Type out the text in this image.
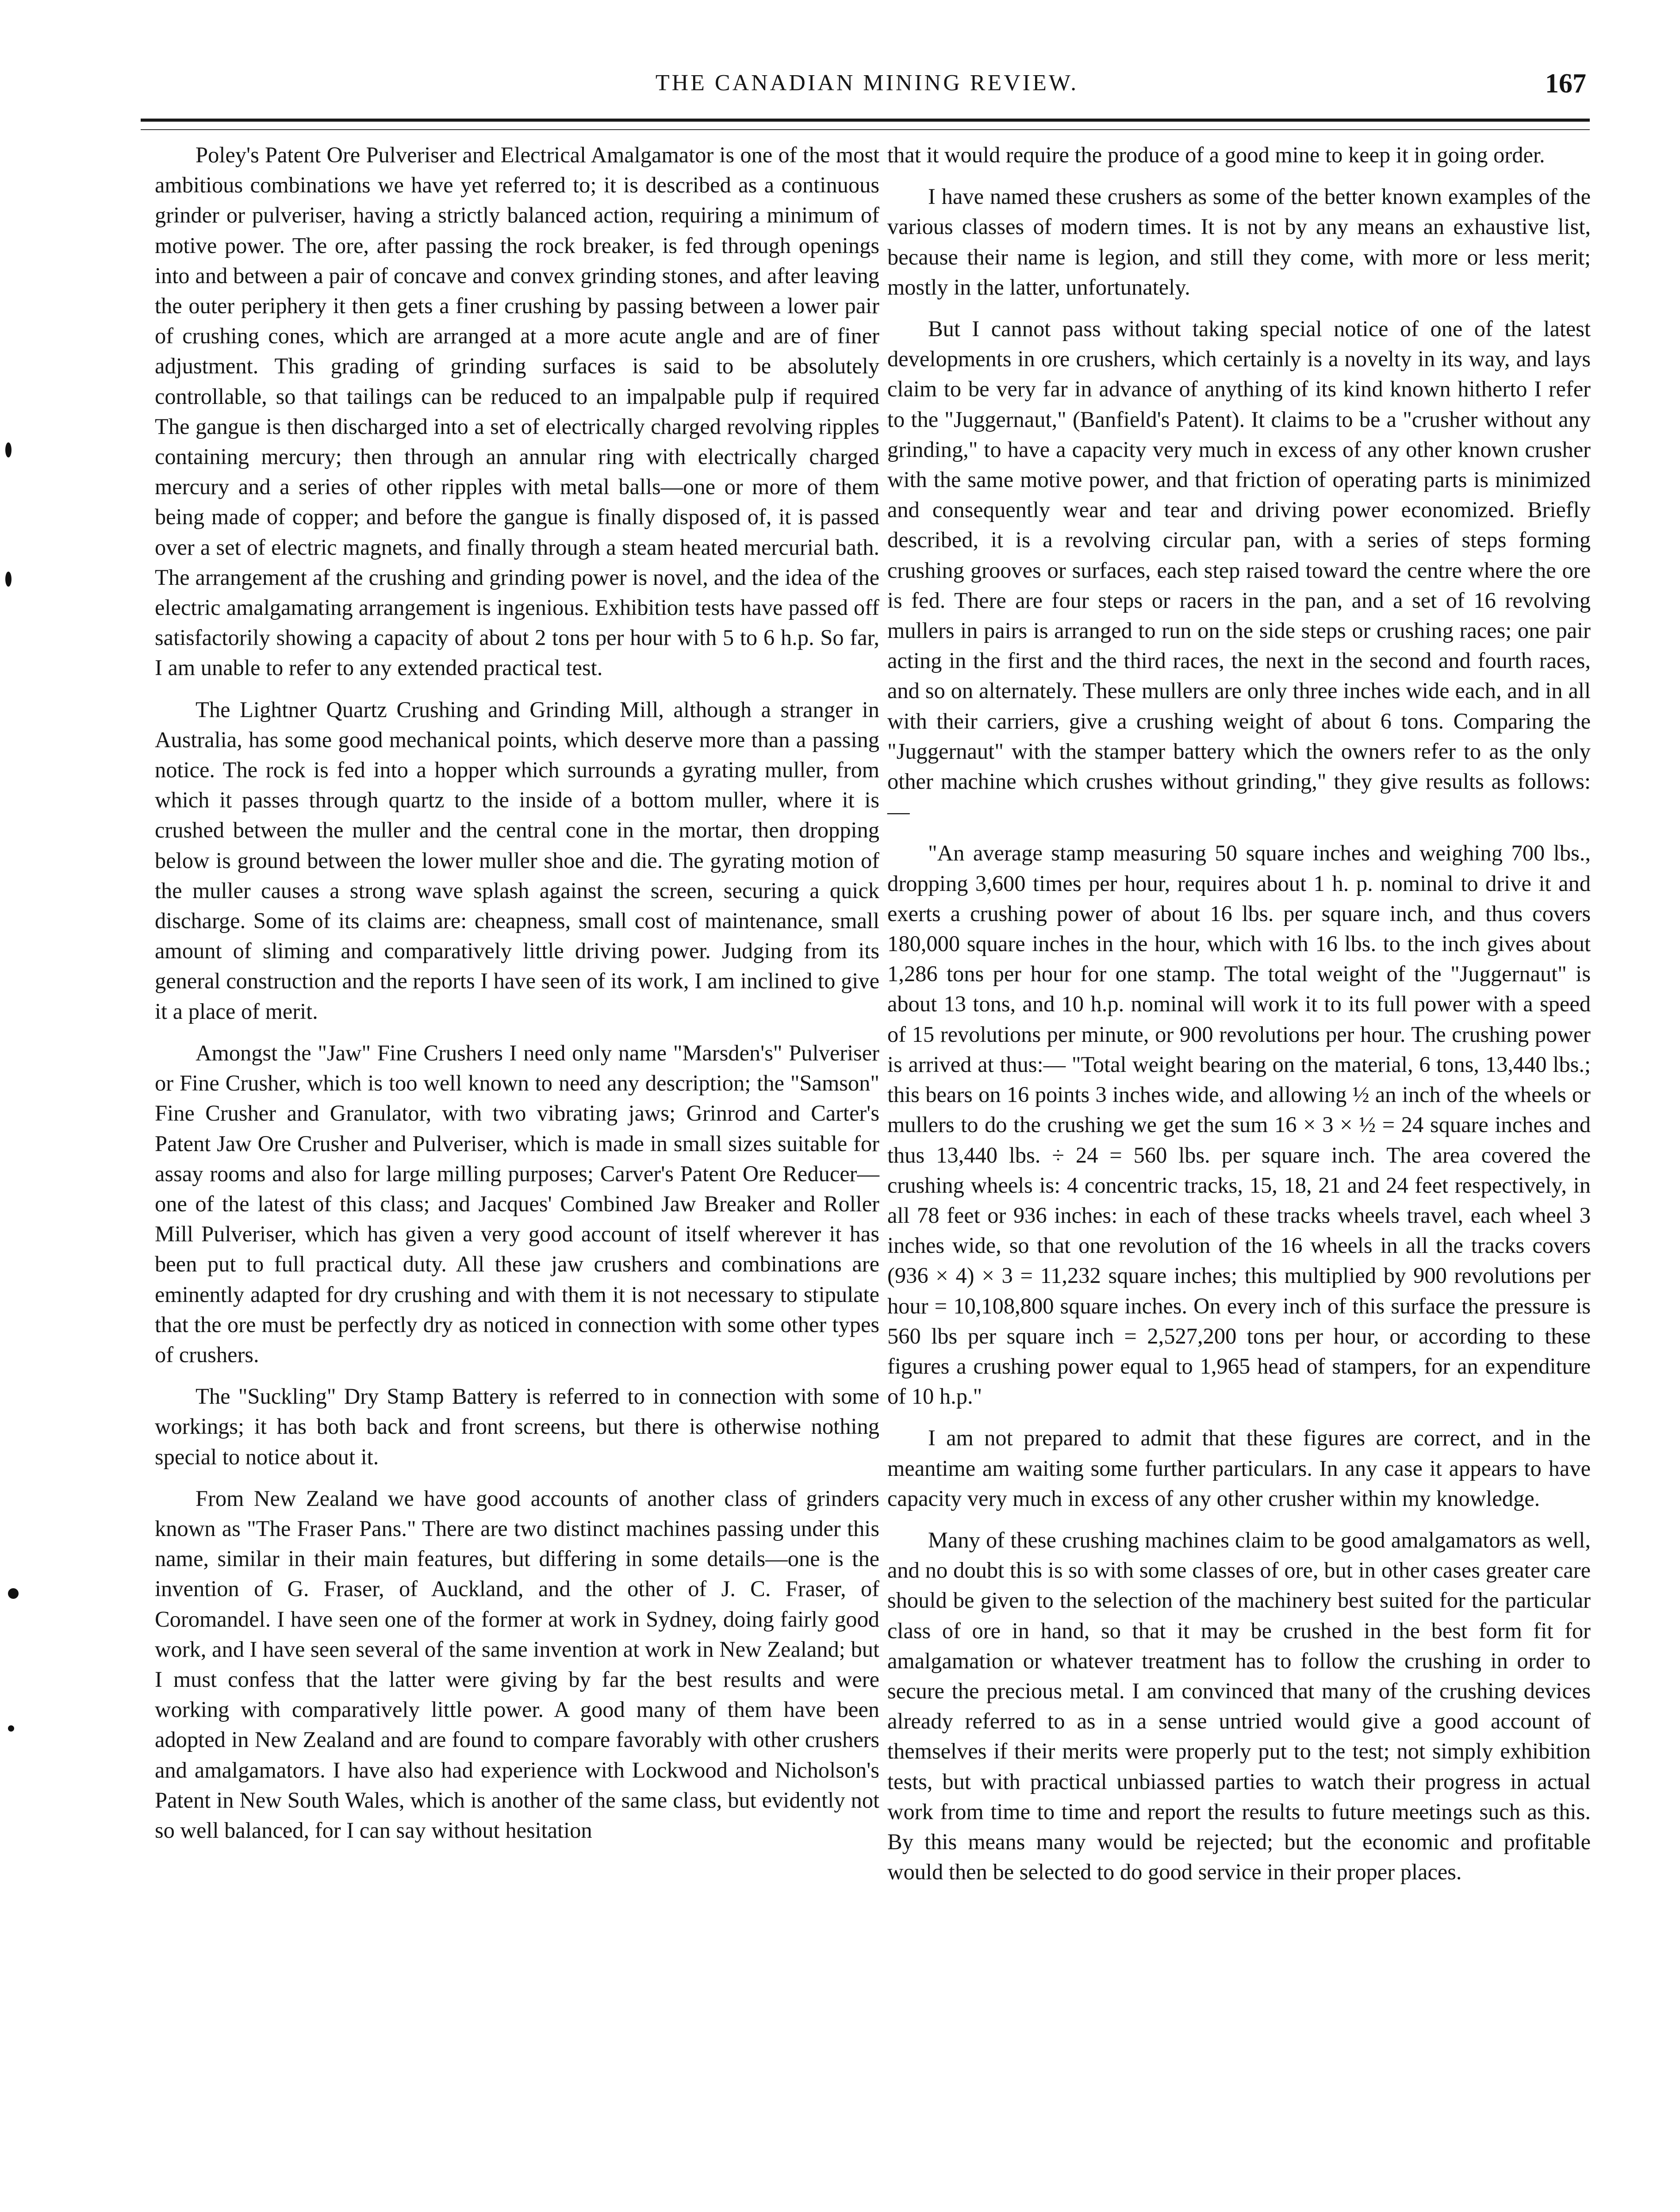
THE CANADIAN MINING REVIEW.	167

Poley's Patent Ore Pulveriser and Electrical Amalgamator is one of the most ambitious combinations we have yet referred to; it is described as a continuous grinder or pulveriser, having a strictly balanced action, requiring a minimum of motive power. The ore, after passing the rock breaker, is fed through openings into and between a pair of concave and convex grinding stones, and after leaving the outer periphery it then gets a finer crushing by passing between a lower pair of crushing cones, which are arranged at a more acute angle and are of finer adjustment. This grading of grinding surfaces is said to be absolutely controllable, so that tailings can be reduced to an impalpable pulp if required The gangue is then discharged into a set of electrically charged revolving ripples containing mercury; then through an annular ring with electrically charged mercury and a series of other ripples with metal balls—one or more of them being made of copper; and before the gangue is finally disposed of, it is passed over a set of electric magnets, and finally through a steam heated mercurial bath. The arrangement af the crushing and grinding power is novel, and the idea of the electric amalgamating arrangement is ingenious. Exhibition tests have passed off satisfactorily showing a capacity of about 2 tons per hour with 5 to 6 h.p. So far, I am unable to refer to any extended practical test.

The Lightner Quartz Crushing and Grinding Mill, although a stranger in Australia, has some good mechanical points, which deserve more than a passing notice. The rock is fed into a hopper which surrounds a gyrating muller, from which it passes through quartz to the inside of a bottom muller, where it is crushed between the muller and the central cone in the mortar, then dropping below is ground between the lower muller shoe and die. The gyrating motion of the muller causes a strong wave splash against the screen, securing a quick discharge. Some of its claims are: cheapness, small cost of maintenance, small amount of sliming and comparatively little driving power. Judging from its general construction and the reports I have seen of its work, I am inclined to give it a place of merit.

Amongst the "Jaw" Fine Crushers I need only name "Marsden's" Pulveriser or Fine Crusher, which is too well known to need any description; the "Samson" Fine Crusher and Granulator, with two vibrating jaws; Grinrod and Carter's Patent Jaw Ore Crusher and Pulveriser, which is made in small sizes suitable for assay rooms and also for large milling purposes; Carver's Patent Ore Reducer—one of the latest of this class; and Jacques' Combined Jaw Breaker and Roller Mill Pulveriser, which has given a very good account of itself wherever it has been put to full practical duty. All these jaw crushers and combinations are eminently adapted for dry crushing and with them it is not necessary to stipulate that the ore must be perfectly dry as noticed in connection with some other types of crushers.

The "Suckling" Dry Stamp Battery is referred to in connection with some workings; it has both back and front screens, but there is otherwise nothing special to notice about it.

From New Zealand we have good accounts of another class of grinders known as "The Fraser Pans." There are two distinct machines passing under this name, similar in their main features, but differing in some details—one is the invention of G. Fraser, of Auckland, and the other of J. C. Fraser, of Coromandel. I have seen one of the former at work in Sydney, doing fairly good work, and I have seen several of the same invention at work in New Zealand; but I must confess that the latter were giving by far the best results and were working with comparatively little power. A good many of them have been adopted in New Zealand and are found to compare favorably with other crushers and amalgamators. I have also had experience with Lockwood and Nicholson's Patent in New South Wales, which is another of the same class, but evidently not so well balanced, for I can say without hesitation

that it would require the produce of a good mine to keep it in going order.

I have named these crushers as some of the better known examples of the various classes of modern times. It is not by any means an exhaustive list, because their name is legion, and still they come, with more or less merit; mostly in the latter, unfortunately.

But I cannot pass without taking special notice of one of the latest developments in ore crushers, which certainly is a novelty in its way, and lays claim to be very far in advance of anything of its kind known hitherto I refer to the "Juggernaut," (Banfield's Patent). It claims to be a "crusher without any grinding," to have a capacity very much in excess of any other known crusher with the same motive power, and that friction of operating parts is minimized and consequently wear and tear and driving power economized. Briefly described, it is a revolving circular pan, with a series of steps forming crushing grooves or surfaces, each step raised toward the centre where the ore is fed. There are four steps or racers in the pan, and a set of 16 revolving mullers in pairs is arranged to run on the side steps or crushing races; one pair acting in the first and the third races, the next in the second and fourth races, and so on alternately. These mullers are only three inches wide each, and in all with their carriers, give a crushing weight of about 6 tons. Comparing the "Juggernaut" with the stamper battery which the owners refer to as the only other machine which crushes without grinding," they give results as follows:—

"An average stamp measuring 50 square inches and weighing 700 lbs., dropping 3,600 times per hour, requires about 1 h. p. nominal to drive it and exerts a crushing power of about 16 lbs. per square inch, and thus covers 180,000 square inches in the hour, which with 16 lbs. to the inch gives about 1,286 tons per hour for one stamp. The total weight of the "Juggernaut" is about 13 tons, and 10 h.p. nominal will work it to its full power with a speed of 15 revolutions per minute, or 900 revolutions per hour. The crushing power is arrived at thus:— "Total weight bearing on the material, 6 tons, 13,440 lbs.; this bears on 16 points 3 inches wide, and allowing ½ an inch of the wheels or mullers to do the crushing we get the sum 16 × 3 × ½ = 24 square inches and thus 13,440 lbs. ÷ 24 = 560 lbs. per square inch. The area covered the crushing wheels is: 4 concentric tracks, 15, 18, 21 and 24 feet respectively, in all 78 feet or 936 inches: in each of these tracks wheels travel, each wheel 3 inches wide, so that one revolution of the 16 wheels in all the tracks covers (936 × 4) × 3 = 11,232 square inches; this multiplied by 900 revolutions per hour = 10,108,800 square inches. On every inch of this surface the pressure is 560 lbs per square inch = 2,527,200 tons per hour, or according to these figures a crushing power equal to 1,965 head of stampers, for an expenditure of 10 h.p."

I am not prepared to admit that these figures are correct, and in the meantime am waiting some further particulars. In any case it appears to have capacity very much in excess of any other crusher within my knowledge.

Many of these crushing machines claim to be good amalgamators as well, and no doubt this is so with some classes of ore, but in other cases greater care should be given to the selection of the machinery best suited for the particular class of ore in hand, so that it may be crushed in the best form fit for amalgamation or whatever treatment has to follow the crushing in order to secure the precious metal. I am convinced that many of the crushing devices already referred to as in a sense untried would give a good account of themselves if their merits were properly put to the test; not simply exhibition tests, but with practical unbiassed parties to watch their progress in actual work from time to time and report the results to future meetings such as this. By this means many would be rejected; but the economic and profitable would then be selected to do good service in their proper places.
